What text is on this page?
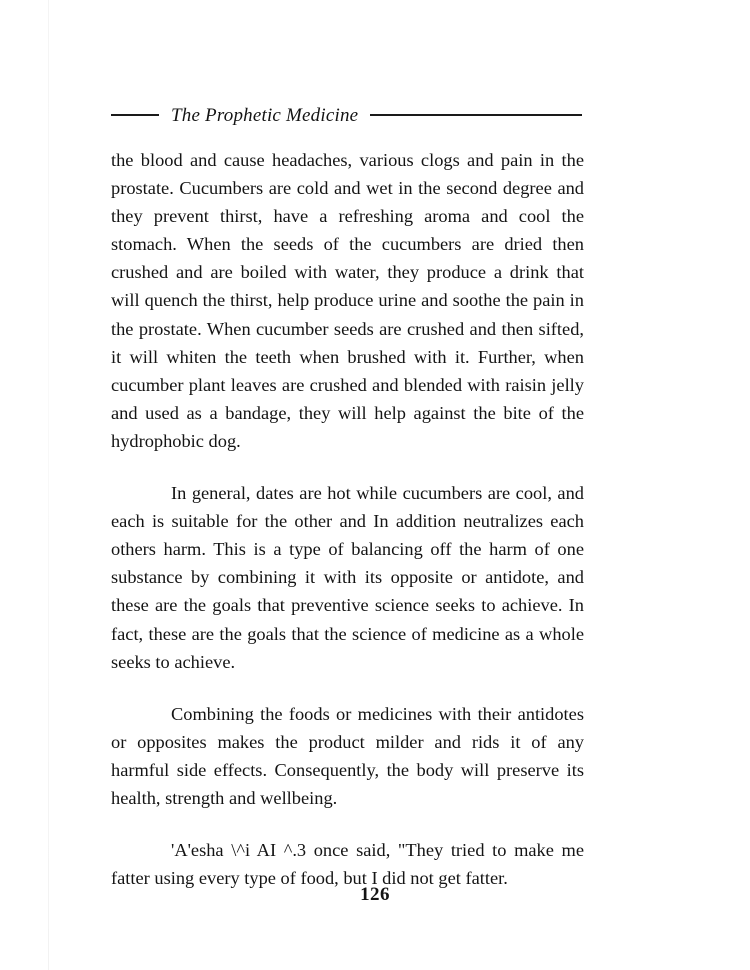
The Prophetic Medicine

the blood and cause headaches, various clogs and pain in the prostate. Cucumbers are cold and wet in the second degree and they prevent thirst, have a refreshing aroma and cool the stomach. When the seeds of the cucumbers are dried then crushed and are boiled with water, they produce a drink that will quench the thirst, help produce urine and soothe the pain in the prostate. When cucumber seeds are crushed and then sifted, it will whiten the teeth when brushed with it. Further, when cucumber plant leaves are crushed and blended with raisin jelly and used as a bandage, they will help against the bite of the hydrophobic dog.

In general, dates are hot while cucumbers are cool, and each is suitable for the other and In addition neutralizes each others harm. This is a type of balancing off the harm of one substance by combining it with its opposite or antidote, and these are the goals that preventive science seeks to achieve. In fact, these are the goals that the science of medicine as a whole seeks to achieve.

Combining the foods or medicines with their antidotes or opposites makes the product milder and rids it of any harmful side effects. Consequently, the body will preserve its health, strength and wellbeing.

'A'esha \^i AI ^.3 once said, "They tried to make me fatter using every type of food, but I did not get fatter.

126
